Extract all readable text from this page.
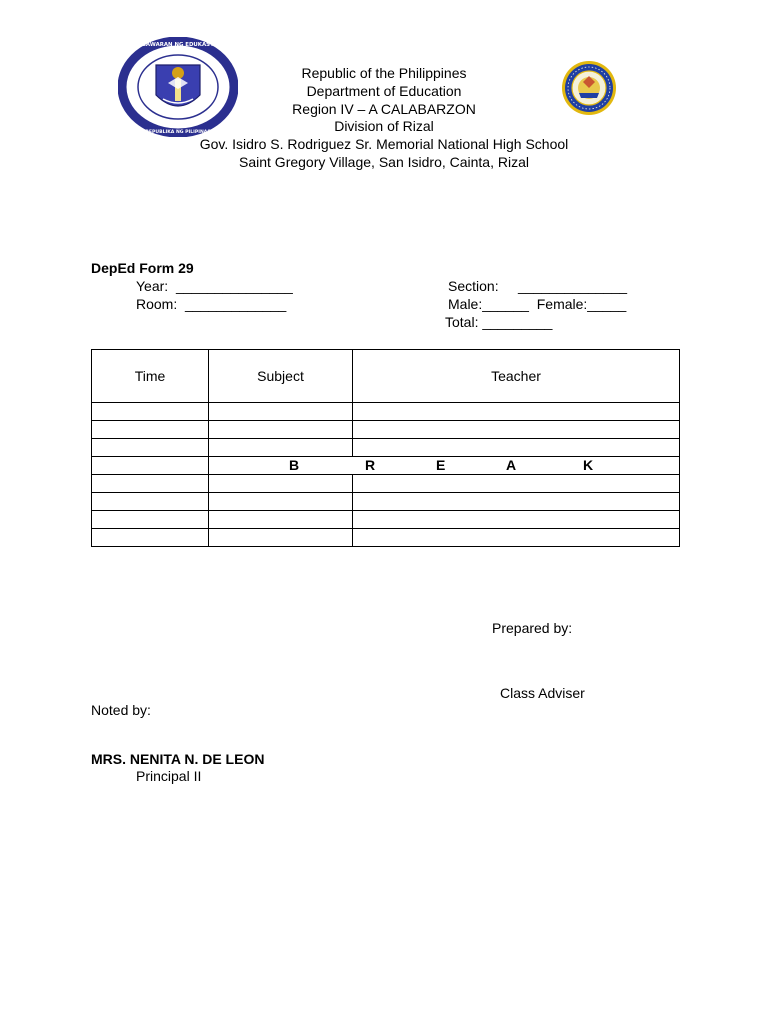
KAGAWARAN NG EDUKASYON
REPUBLIKA NG PILIPINAS
Republic of the Philippines
Department of Education
Region IV – A CALABARZON
Division of Rizal
Gov. Isidro S. Rodriguez Sr. Memorial National High School
Saint Gregory Village, San Isidro, Cainta, Rizal
DepEd Form 29
Year:  _______________
Room:  _____________
Section:     ______________
Male:______  Female:_____
Total: _________
Time	Subject	Teacher

	B R E A K	

Prepared by:
Class Adviser
Noted by:
MRS. NENITA N. DE LEON
Principal II
